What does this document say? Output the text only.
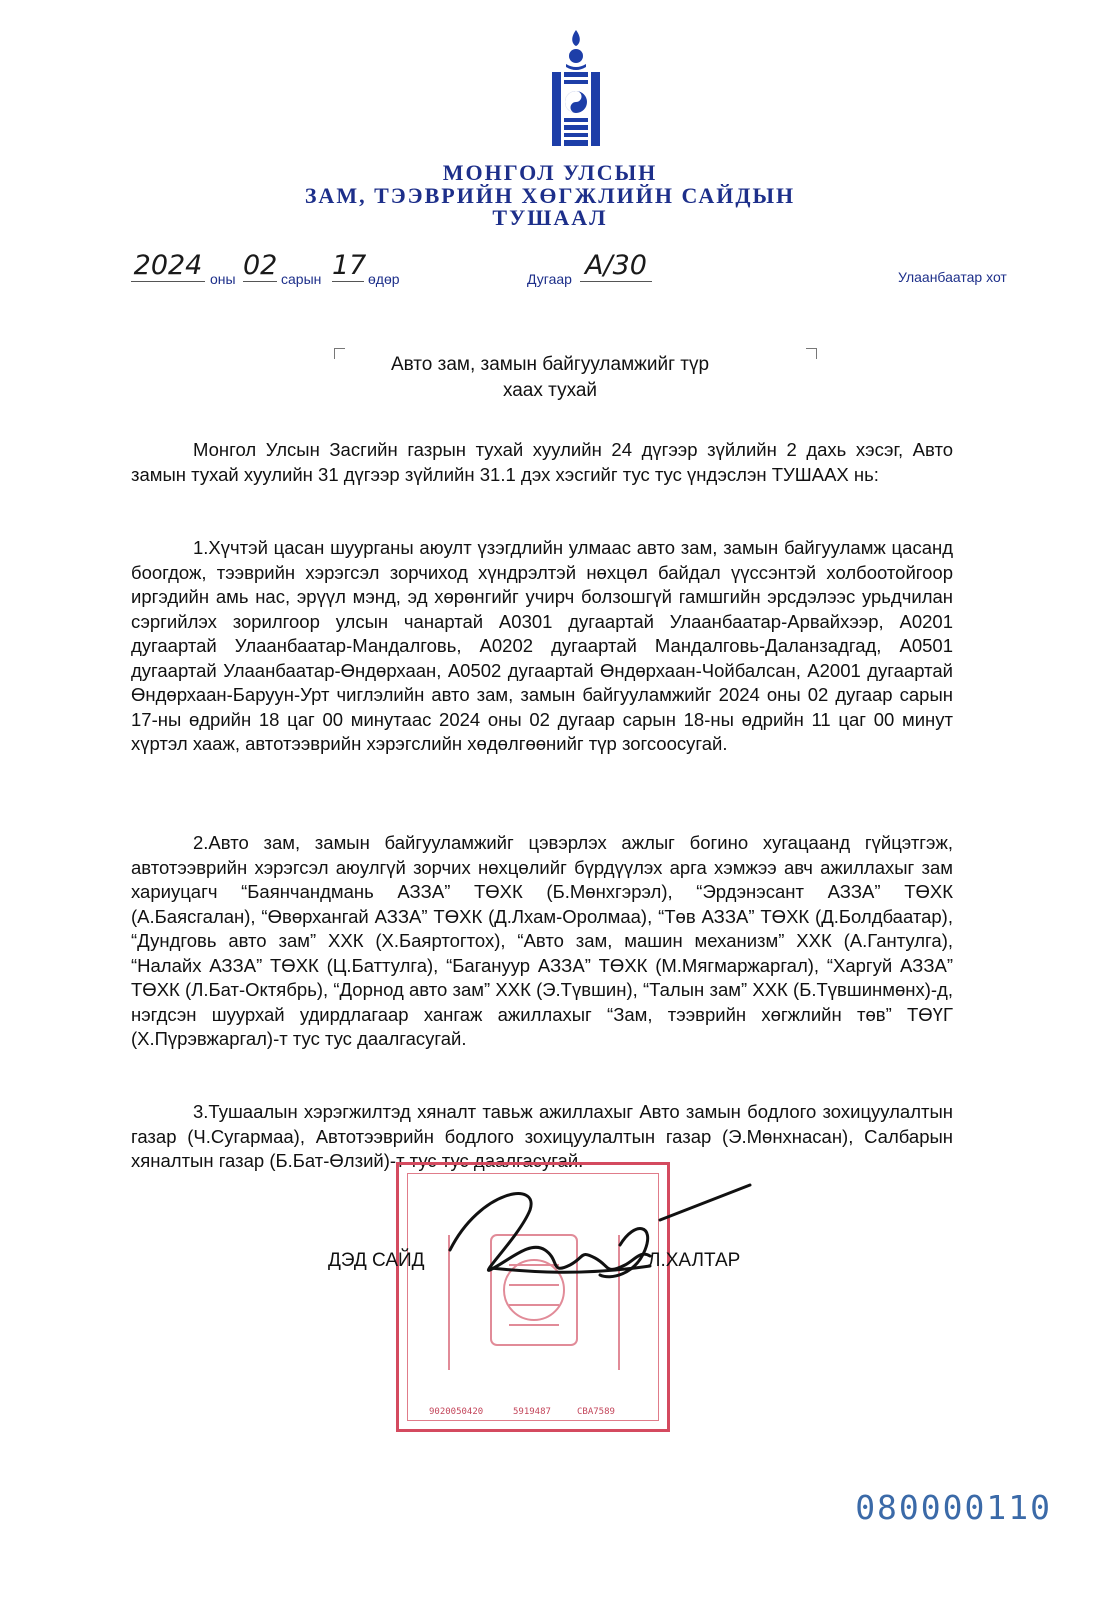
МОНГОЛ УЛСЫН
ЗАМ, ТЭЭВРИЙН ХӨГЖЛИЙН САЙДЫН
ТУШААЛ
2024 оны 02 сарын 17 өдөр	Дугаар A/30	Улаанбаатар хот
Авто зам, замын байгууламжийг түр
хаах тухай

Монгол Улсын Засгийн газрын тухай хуулийн 24 дүгээр зүйлийн 2 дахь хэсэг, Авто замын тухай хуулийн 31 дүгээр зүйлийн 31.1 дэх хэсгийг тус тус үндэслэн ТУШААХ нь:

1.Хүчтэй цасан шуурганы аюулт үзэгдлийн улмаас авто зам, замын байгууламж цасанд боогдож, тээврийн хэрэгсэл зорчиход хүндрэлтэй нөхцөл байдал үүссэнтэй холбоотойгоор иргэдийн амь нас, эрүүл мэнд, эд хөрөнгийг учирч болзошгүй гамшгийн эрсдэлээс урьдчилан сэргийлэх зорилгоор улсын чанартай А0301 дугаартай Улаанбаатар-Арвайхээр, А0201 дугаартай Улаанбаатар-Мандалговь, А0202 дугаартай Мандалговь-Даланзадгад, А0501 дугаартай Улаанбаатар-Өндөрхаан, А0502 дугаартай Өндөрхаан-Чойбалсан, А2001 дугаартай Өндөрхаан-Баруун-Урт чиглэлийн авто зам, замын байгууламжийг 2024 оны 02 дугаар сарын 17-ны өдрийн 18 цаг 00 минутаас 2024 оны 02 дугаар сарын 18-ны өдрийн 11 цаг 00 минут хүртэл хааж, автотээврийн хэрэгслийн хөдөлгөөнийг түр зогсоосугай.

2.Авто зам, замын байгууламжийг цэвэрлэх ажлыг богино хугацаанд гүйцэтгэж, автотээврийн хэрэгсэл аюулгүй зорчих нөхцөлийг бүрдүүлэх арга хэмжээ авч ажиллахыг зам хариуцагч “Баянчандмань АЗЗА” ТӨХК (Б.Мөнхгэрэл), “Эрдэнэсант АЗЗА” ТӨХК (А.Баясгалан), “Өвөрхангай АЗЗА” ТӨХК (Д.Лхам-Оролмаа), “Төв АЗЗА” ТӨХК (Д.Болдбаатар), “Дундговь авто зам” ХХК (Х.Баяртогтох), “Авто зам, машин механизм” ХХК (А.Гантулга), “Налайх АЗЗА” ТӨХК (Ц.Баттулга), “Багануур АЗЗА” ТӨХК (М.Мягмаржаргал), “Харгуй АЗЗА” ТӨХК (Л.Бат-Октябрь), “Дорнод авто зам” ХХК (Э.Түвшин), “Талын зам” ХХК (Б.Түвшинмөнх)-д, нэгдсэн шуурхай удирдлагаар хангаж ажиллахыг “Зам, тээврийн хөгжлийн төв” ТӨҮГ (Х.Пүрэвжаргал)-т тус тус даалгасугай.

3.Тушаалын хэрэгжилтэд хяналт тавьж ажиллахыг Авто замын бодлого зохицуулалтын газар (Ч.Сугармаа), Автотээврийн бодлого зохицуулалтын газар (Э.Мөнхнасан), Салбарын хяналтын газар (Б.Бат-Өлзий)-т тус тус даалгасугай.

9020050420	5919487	CBA7589
ДЭД САЙД	Л.ХАЛТАР
080000110
